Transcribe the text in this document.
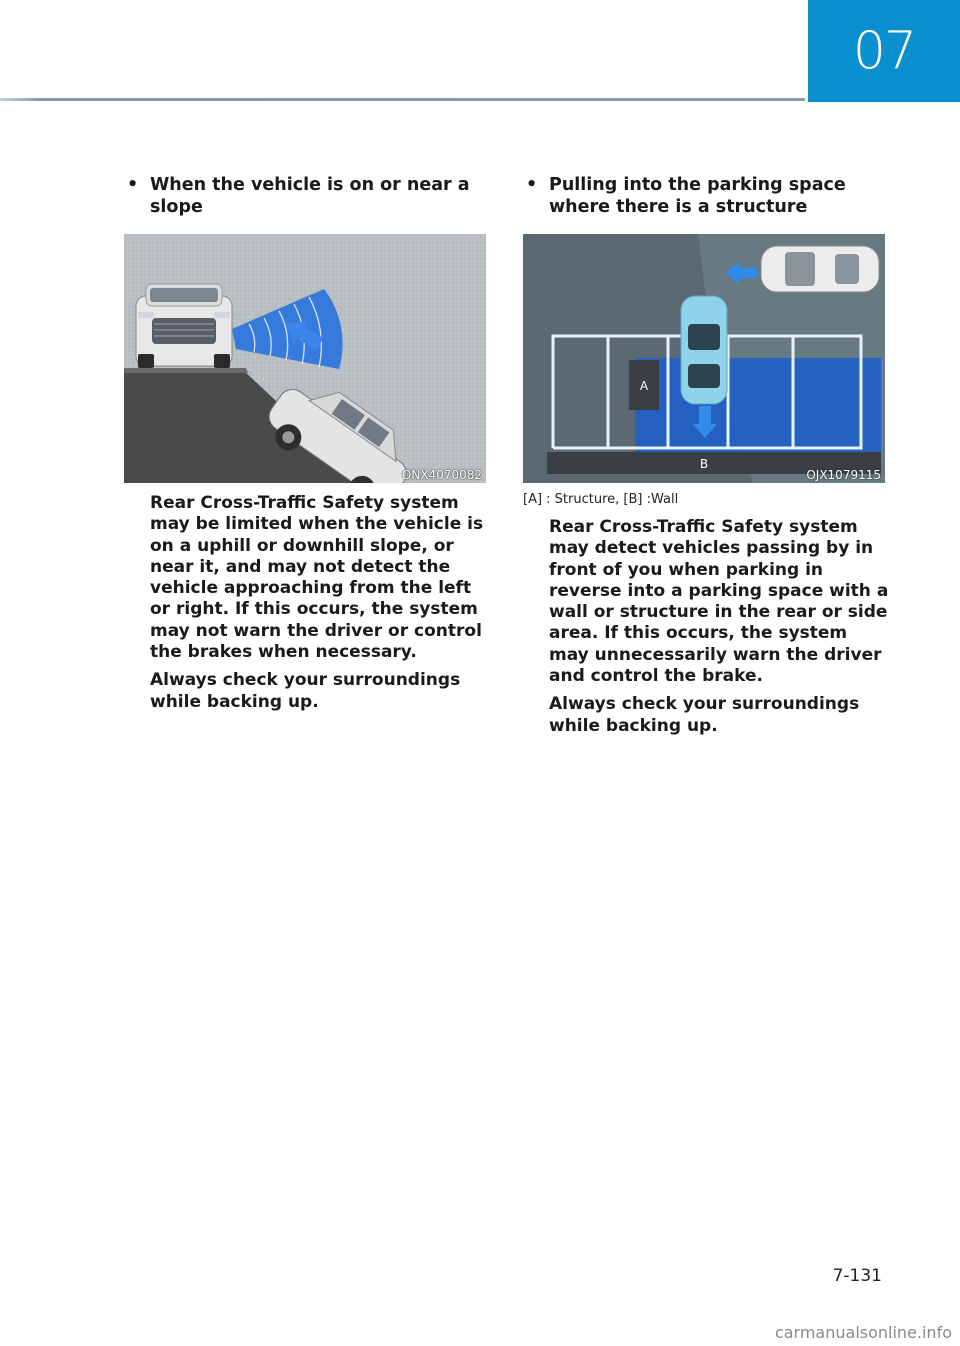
07
• When the vehicle is on or near a slope
ONX4070082
Rear Cross-Traffic Safety system may be limited when the vehicle is on a uphill or downhill slope, or near it, and may not detect the vehicle approaching from the left or right. If this occurs, the system may not warn the driver or control the brakes when necessary.
Always check your surroundings while backing up.
• Pulling into the parking space where there is a structure
A
B
OJX1079115
[A] : Structure, [B] :Wall
Rear Cross-Traffic Safety system may detect vehicles passing by in front of you when parking in reverse into a parking space with a wall or structure in the rear or side area. If this occurs, the system may unnecessarily warn the driver and control the brake.
Always check your surroundings while backing up.
7-131
carmanualsonline.info
